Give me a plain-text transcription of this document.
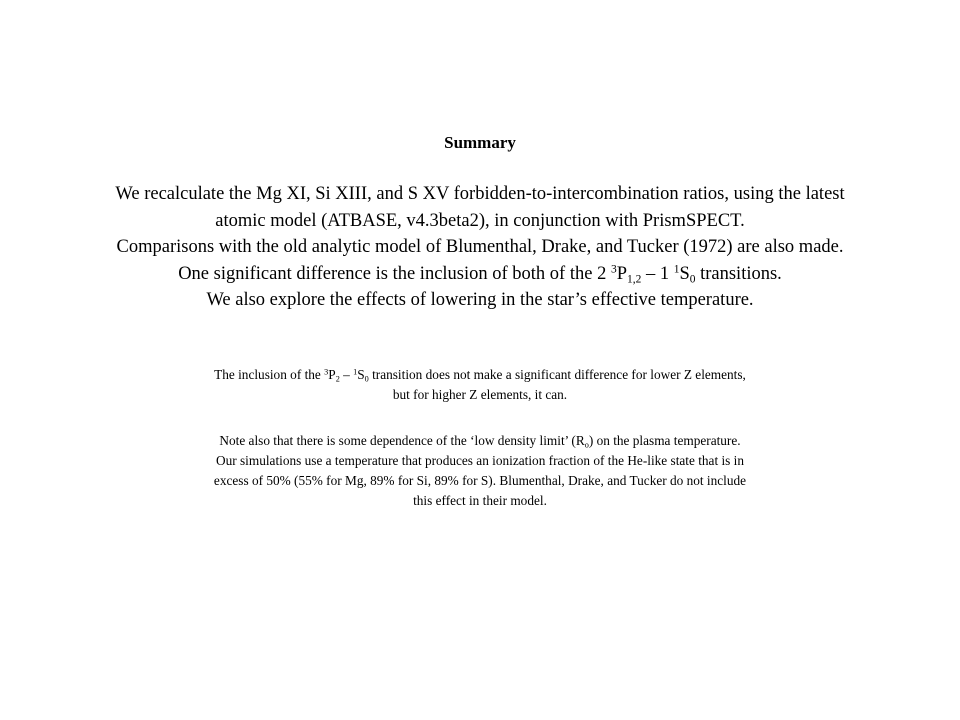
Summary
We recalculate the Mg XI, Si XIII, and S XV forbidden-to-intercombination ratios, using the latest
atomic model (ATBASE, v4.3beta2), in conjunction with PrismSPECT.
Comparisons with the old analytic model of Blumenthal, Drake, and Tucker (1972) are also made.
One significant difference is the inclusion of both of the 2 $^3P_{1,2} - 1$ $^1S_0$ transitions.
We also explore the effects of lowering in the star’s effective temperature.
The inclusion of the $^3P_2 - ^1S_0$ transition does not make a significant difference for lower Z elements,
but for higher Z elements, it can.
Note also that there is some dependence of the ‘low density limit’ $(R_o)$ on the plasma temperature.
Our simulations use a temperature that produces an ionization fraction of the He-like state that is in
excess of 50% (55% for Mg, 89% for Si, 89% for S). Blumenthal, Drake, and Tucker do not include
this effect in their model.
